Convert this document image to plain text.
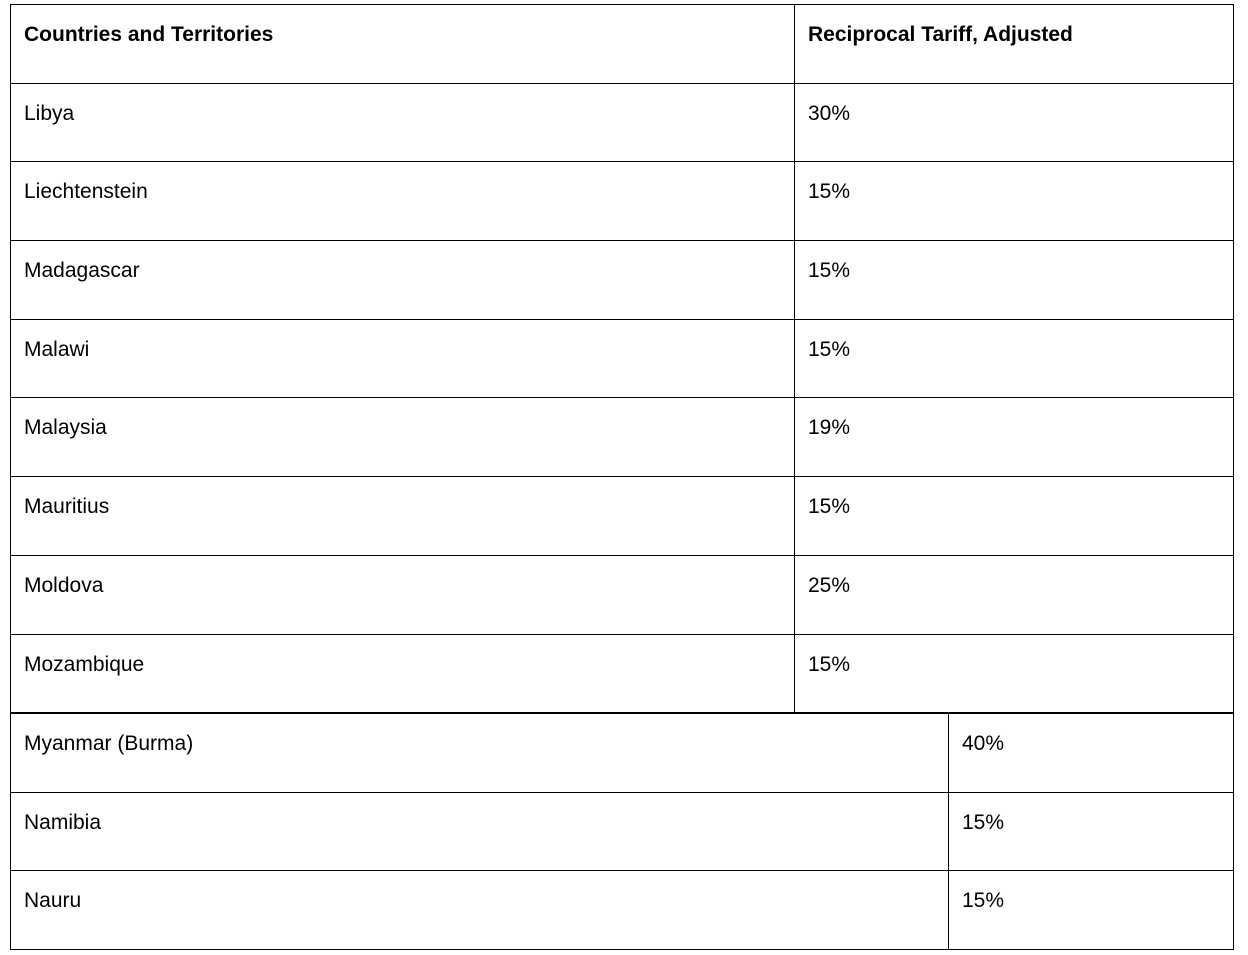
Countries and Territories	Reciprocal Tariff, Adjusted
Libya	30%
Liechtenstein	15%
Madagascar	15%
Malawi	15%
Malaysia	19%
Mauritius	15%
Moldova	25%
Mozambique	15%
Myanmar (Burma)	40%
Namibia	15%
Nauru	15%
